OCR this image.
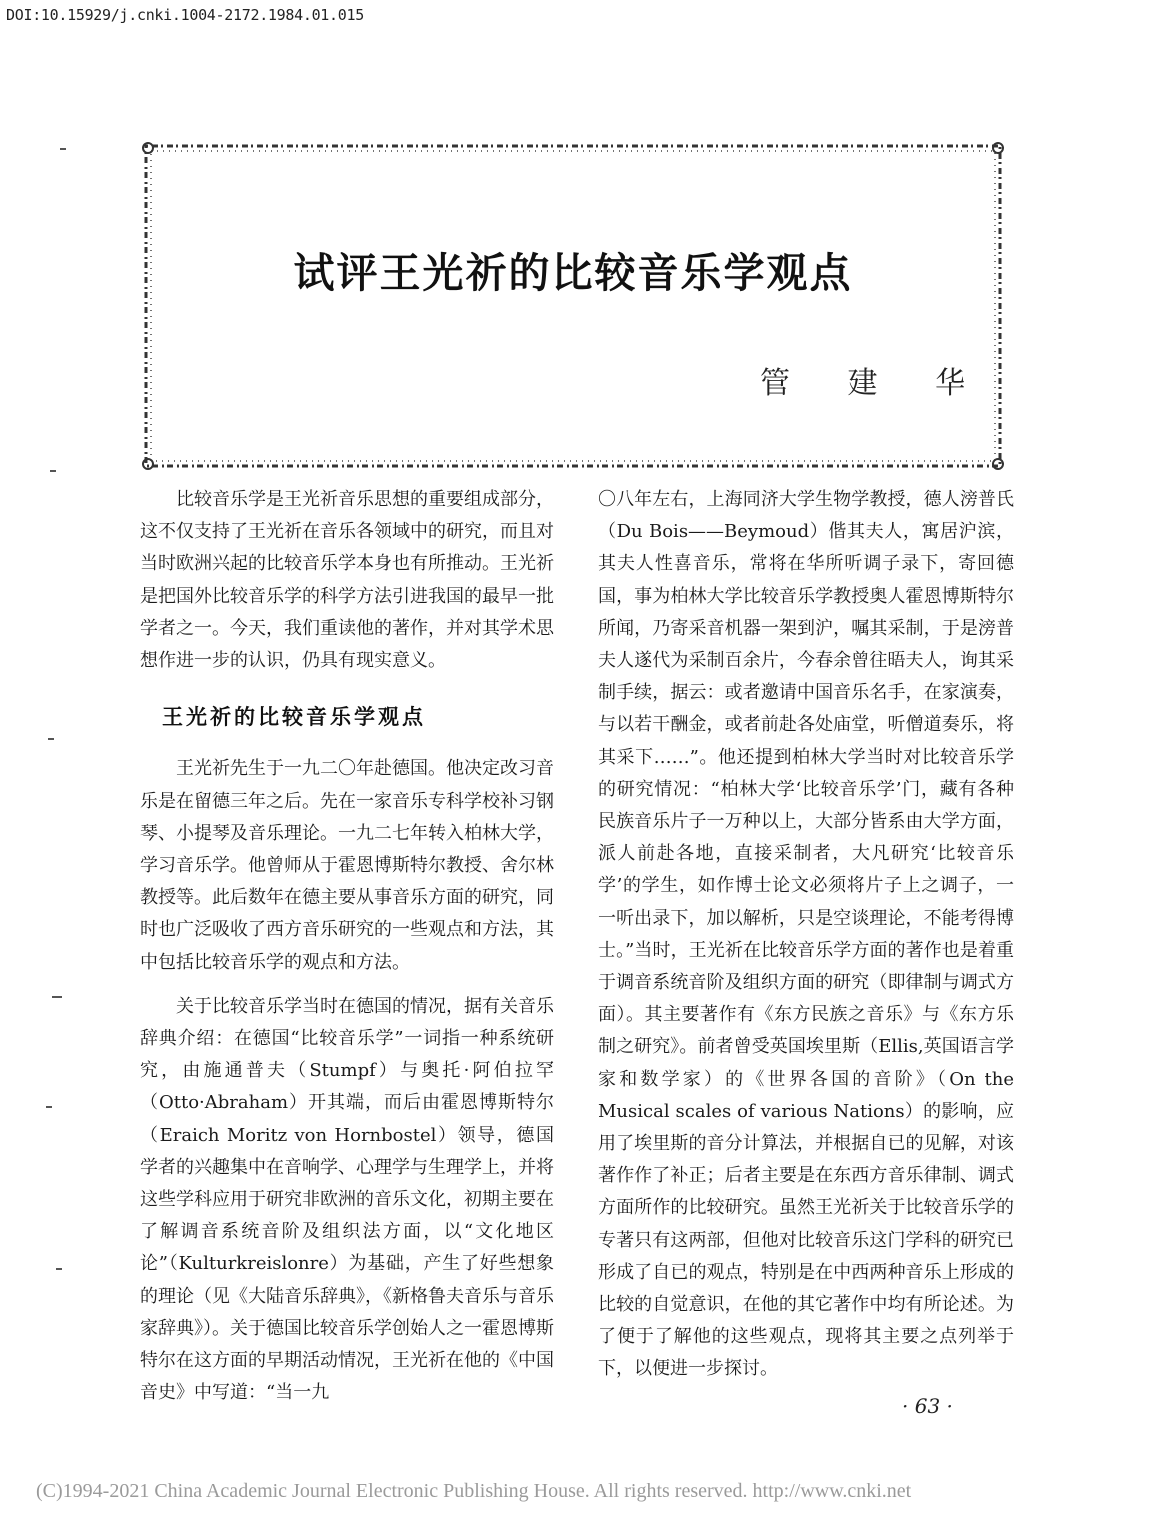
DOI:10.15929/j.cnki.1004-2172.1984.01.015
试评王光祈的比较音乐学观点
管 建 华

比较音乐学是王光祈音乐思想的重要组成部分，这不仅支持了王光祈在音乐各领域中的研究，而且对当时欧洲兴起的比较音乐学本身也有所推动。王光祈是把国外比较音乐学的科学方法引进我国的最早一批学者之一。今天，我们重读他的著作，并对其学术思想作进一步的认识，仍具有现实意义。

王光祈的比较音乐学观点

王光祈先生于一九二〇年赴德国。他决定改习音乐是在留德三年之后。先在一家音乐专科学校补习钢琴、小提琴及音乐理论。一九二七年转入柏林大学，学习音乐学。他曾师从于霍恩博斯特尔教授、舍尔林教授等。此后数年在德主要从事音乐方面的研究，同时也广泛吸收了西方音乐研究的一些观点和方法，其中包括比较音乐学的观点和方法。

关于比较音乐学当时在德国的情况，据有关音乐辞典介绍：在德国“比较音乐学”一词指一种系统研究，由施通普夫（Stumpf）与奥托·阿伯拉罕（Otto·Abraham）开其端，而后由霍恩博斯特尔（Eraich Moritz von Hornbostel）领导，德国学者的兴趣集中在音响学、心理学与生理学上，并将这些学科应用于研究非欧洲的音乐文化，初期主要在了解调音系统音阶及组织法方面，以“文化地区论”（Kulturkreislonre）为基础，产生了好些想象的理论（见《大陆音乐辞典》，《新格鲁夫音乐与音乐家辞典》）。关于德国比较音乐学创始人之一霍恩博斯特尔在这方面的早期活动情况，王光祈在他的《中国音史》中写道：“当一九

〇八年左右，上海同济大学生物学教授，德人滂普氏（Du Bois——Beymoud）偕其夫人，寓居沪滨，其夫人性喜音乐，常将在华所听调子录下，寄回德国，事为柏林大学比较音乐学教授奥人霍恩博斯特尔所闻，乃寄采音机器一架到沪，嘱其采制，于是滂普夫人遂代为采制百余片，今春余曾往晤夫人，询其采制手续，据云：或者邀请中国音乐名手，在家演奏，与以若干酬金，或者前赴各处庙堂，听僧道奏乐，将其采下……”。他还提到柏林大学当时对比较音乐学的研究情况：“柏林大学‘比较音乐学’门，藏有各种民族音乐片子一万种以上，大部分皆系由大学方面，派人前赴各地，直接采制者，大凡研究‘比较音乐学’的学生，如作博士论文必须将片子上之调子，一一听出录下，加以解析，只是空谈理论，不能考得博士。”当时，王光祈在比较音乐学方面的著作也是着重于调音系统音阶及组织方面的研究（即律制与调式方面）。其主要著作有《东方民族之音乐》与《东方乐制之研究》。前者曾受英国埃里斯（Ellis,英国语言学家和数学家）的《世界各国的音阶》（On the Musical scales of various Nations）的影响，应用了埃里斯的音分计算法，并根据自已的见解，对该著作作了补正；后者主要是在东西方音乐律制、调式方面所作的比较研究。虽然王光祈关于比较音乐学的专著只有这两部，但他对比较音乐这门学科的研究已形成了自已的观点，特别是在中西两种音乐上形成的比较的自觉意识，在他的其它著作中均有所论述。为了便于了解他的这些观点，现将其主要之点列举于下，以便进一步探讨。

· 63 ·
(C)1994-2021 China Academic Journal Electronic Publishing House. All rights reserved. http://www.cnki.net
